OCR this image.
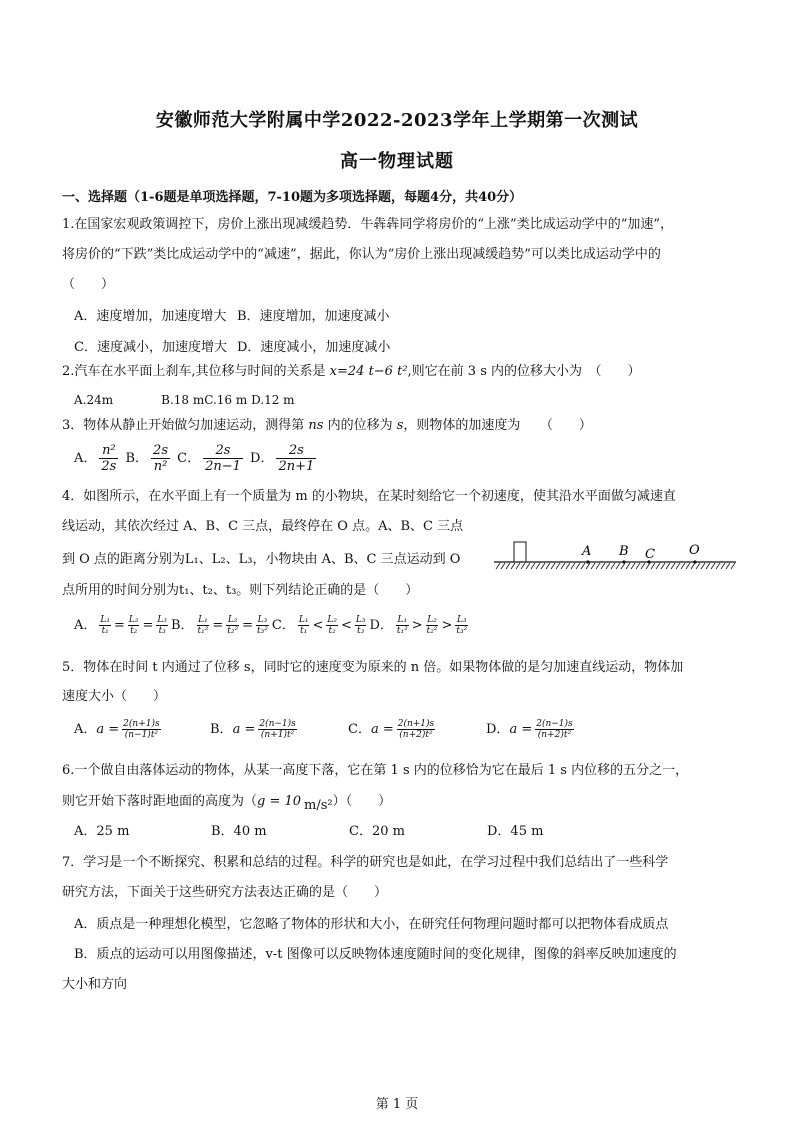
安徽师范大学附属中学2022-2023学年上学期第一次测试
高一物理试题
一、选择题（1-6题是单项选择题，7-10题为多项选择题，每题4分，共40分）
1.在国家宏观政策调控下，房价上涨出现减缓趋势．牛犇犇同学将房价的“上涨”类比成运动学中的“加速”，
将房价的“下跌”类比成运动学中的“减速”，据此，你认为“房价上涨出现减缓趋势”可以类比成运动学中的
（　　）
A．速度增加，加速度增大 B．速度增加，加速度减小
C．速度减小，加速度增大 D．速度减小，加速度减小
2.汽车在水平面上刹车,其位移与时间的关系是 x=24 t−6 t²,则它在前 3 s 内的位移大小为　（　　）
A.24m　　　　B.18 mC.16 m D.12 m
3．物体从静止开始做匀加速运动，测得第 ns 内的位移为 s，则物体的加速度为　　（　　）
A． $\frac{\text{n²}}{2s}$ B． $\frac{2s}{\text{n²}}$ C． $\frac{2s}{2n-1}$ D． $\frac{2s}{2n+1}$
4．如图所示，在水平面上有一个质量为 m 的小物块，在某时刻给它一个初速度，使其沿水平面做匀减速直
线运动，其依次经过 A、B、C 三点，最终停在 O 点。A、B、C 三点
到 O 点的距离分别为L₁、L₂、L₃，小物块由 A、B、C 三点运动到 O
点所用的时间分别为t₁、t₂、t₃。则下列结论正确的是（　　）
A B C	O
A． $\frac{\text{L₁}}{\text{t₁}} = \frac{\text{L₂}}{\text{t₂}} = \frac{\text{L₃}}{\text{t₃}}$ B． $\frac{\text{L₁}}{\text{t₁²}} = \frac{\text{L₂}}{\text{t₂²}} = \frac{\text{L₃}}{\text{t₃²}}$ C． $\frac{\text{L₁}}{\text{t₁}} < \frac{\text{L₂}}{\text{t₂}} < \frac{\text{L₃}}{\text{t₃}}$ D． $\frac{\text{L₁}}{\text{t₁²}} > \frac{\text{L₂}}{\text{t₂²}} > \frac{\text{L₃}}{\text{t₃²}}$
5．物体在时间 t 内通过了位移 s，同时它的速度变为原来的 n 倍。如果物体做的是匀加速直线运动，物体加
速度大小（　　）
A．$a = \frac{2(n+1)s}{\text{(n−1)t²}}$	B．$a = \frac{2(n-1)s}{\text{(n+1)t²}}$	C．$a = \frac{2(n+1)s}{\text{(n+2)t²}}$	D．$a = \frac{2(n-1)s}{\text{(n+2)t²}}$
6.一个做自由落体运动的物体，从某一高度下落，它在第 1 s 内的位移恰为它在最后 1 s 内位移的五分之一，
则它开始下落时距地面的高度为（g = 10 m/s²）（　　）
A．25 m	B．40 m	C．20 m	D．45 m
7．学习是一个不断探究、积累和总结的过程。科学的研究也是如此，在学习过程中我们总结出了一些科学
研究方法，下面关于这些研究方法表达正确的是（　　）
A．质点是一种理想化模型，它忽略了物体的形状和大小，在研究任何物理问题时都可以把物体看成质点
B．质点的运动可以用图像描述，v-t 图像可以反映物体速度随时间的变化规律，图像的斜率反映加速度的
大小和方向
第 1 页
